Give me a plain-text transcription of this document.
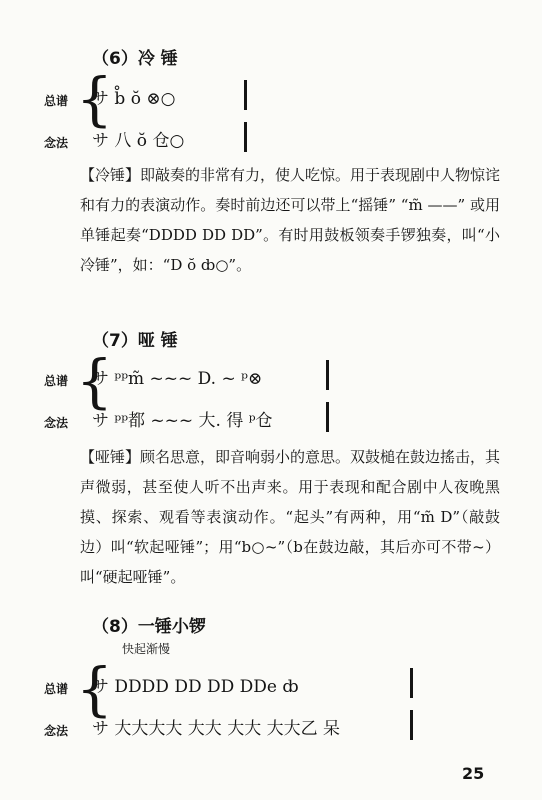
（6）冷 锤
{
总谱 サ b̊ ŏ ⊗○
念法 サ 八 ŏ 仓○
【冷锤】即敲奏的非常有力，使人吃惊。用于表现剧中人物惊诧和有力的表演动作。奏时前边还可以带上“摇锤” “m̃ ——” 或用单锤起奏“DDDD DD DD”。有时用鼓板领奏手锣独奏，叫“小冷锤”，如：“D ŏ ȸ○”。
（7）哑 锤
{
总谱 サ ᵖᵖm̃ ~~~ D. ~ ᵖ⊗
念法 サ ᵖᵖ都 ~~~ 大. 得 ᵖ仓
【哑锤】顾名思意，即音响弱小的意思。双鼓槌在鼓边搖击，其声微弱，甚至使人听不出声来。用于表现和配合剧中人夜晚黑摸、探索、观看等表演动作。“起头”有两种，用“m̃ D”（敲鼓边）叫“软起哑锤”；用“b○~”（b在鼓边敲，其后亦可不带~）叫“硬起哑锤”。
（8）一锤小锣
快起渐慢
{
总谱 サ DDDD DD DD DDe ȸ
念法 サ 大大大大 大大 大大 大大乙 呆
25
